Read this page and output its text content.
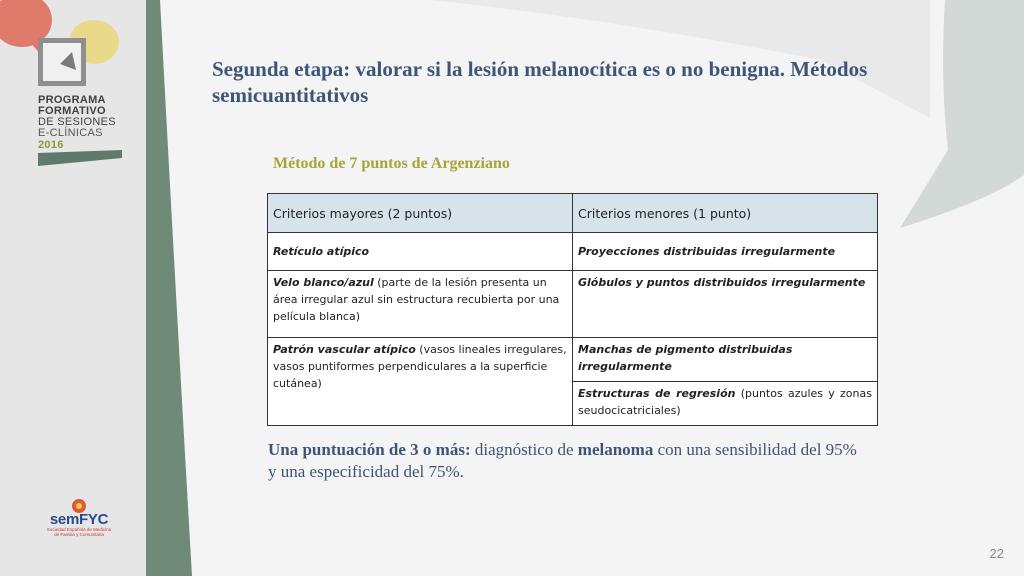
PROGRAMA
FORMATIVO
DE SESIONES
E-CLÍNICAS
2016
semFYC
Sociedad Española de Medicina
de Familia y Comunitaria
Segunda etapa: valorar si la lesión melanocítica es o no benigna. Métodos semicuantitativos
Método de 7 puntos de Argenziano
Criterios mayores (2 puntos)	Criterios menores (1 punto)
Retículo atípico	Proyecciones distribuidas irregularmente
Velo blanco/azul (parte de la lesión presenta un área irregular azul sin estructura recubierta por una película blanca)	Glóbulos y puntos distribuidos irregularmente
Patrón vascular atípico (vasos lineales irregulares, vasos puntiformes perpendiculares a la superficie cutánea)	Manchas de pigmento distribuidas irregularmente
	Estructuras de regresión (puntos azules y zonas seudocicatriciales)

Una puntuación de 3 o más: diagnóstico de melanoma con una sensibilidad del 95% y una especificidad del 75%.

22
